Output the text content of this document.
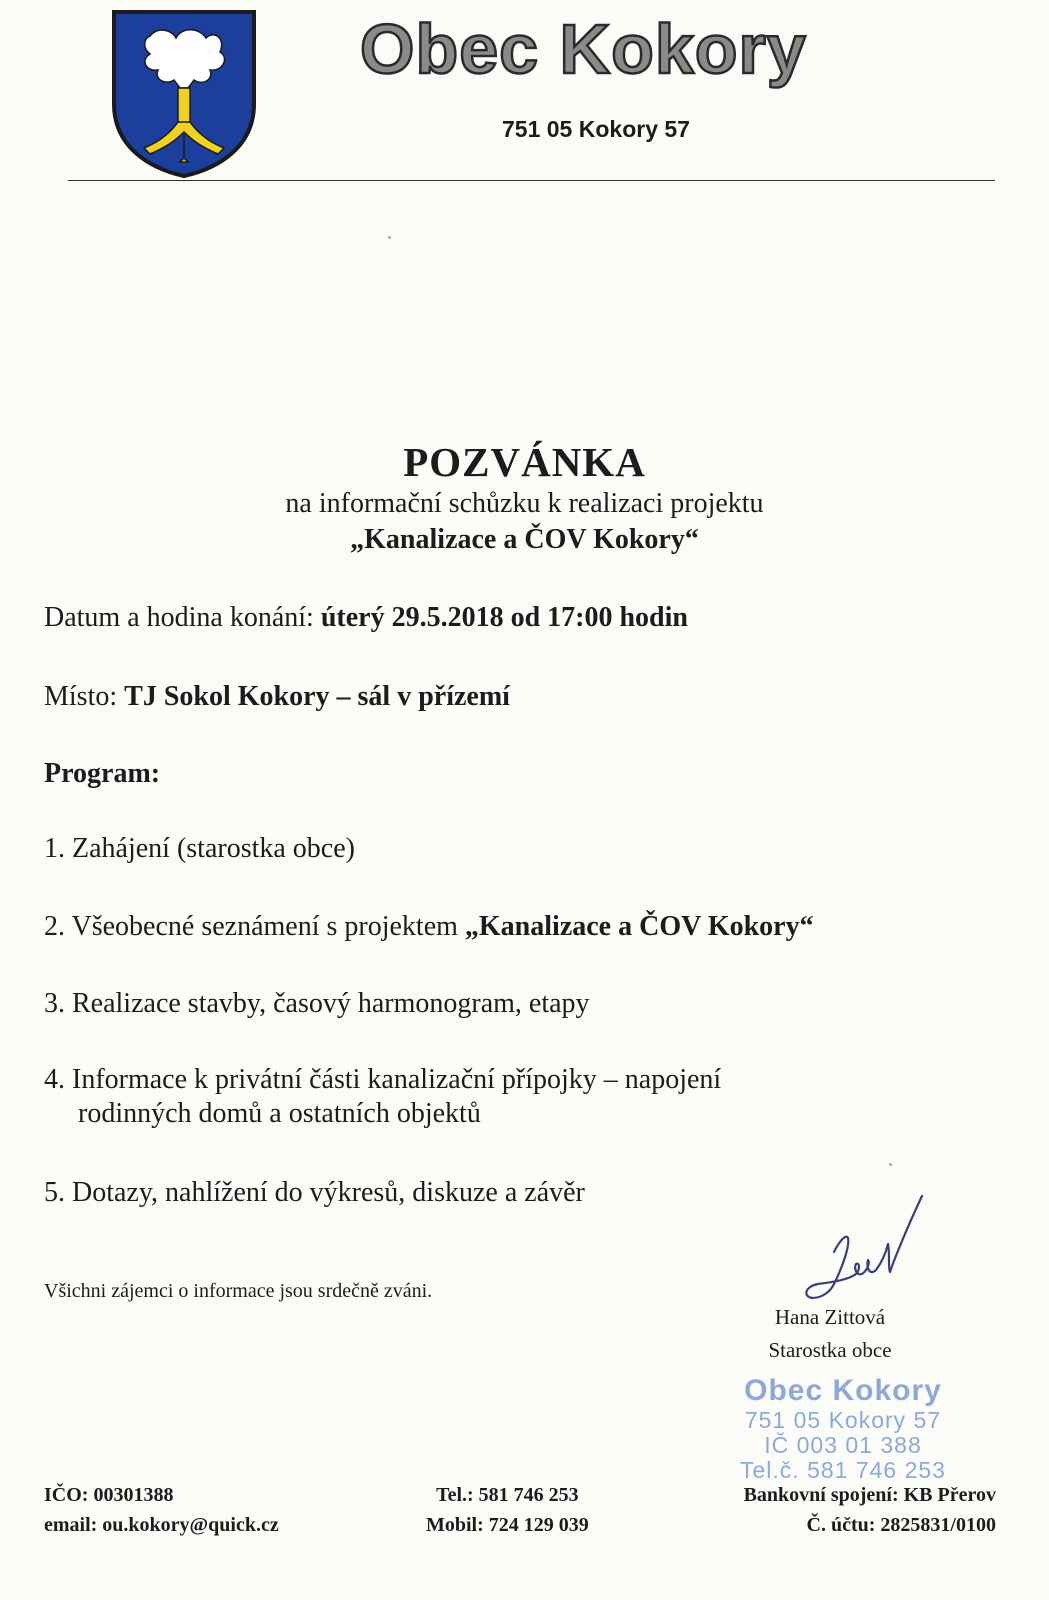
Obec Kokory
751 05 Kokory 57
POZVÁNKA
na informační schůzku k realizaci projektu
„Kanalizace a ČOV Kokory“
Datum a hodina konání: úterý 29.5.2018 od 17:00 hodin
Místo: TJ Sokol Kokory – sál v přízemí
Program:
1. Zahájení (starostka obce)
2. Všeobecné seznámení s projektem „Kanalizace a ČOV Kokory“
3. Realizace stavby, časový harmonogram, etapy
4. Informace k privátní části kanalizační přípojky – napojení
rodinných domů a ostatních objektů
5. Dotazy, nahlížení do výkresů, diskuze a závěr
Všichni zájemci o informace jsou srdečně zváni.
Hana Zittová
Starostka obce
Obec Kokory
751 05 Kokory 57
IČ 003 01 388
Tel.č. 581 746 253
IČO: 00301388
email: ou.kokory@quick.cz
Tel.: 581 746 253
Mobil: 724 129 039
Bankovní spojení: KB Přerov
Č. účtu: 2825831/0100
